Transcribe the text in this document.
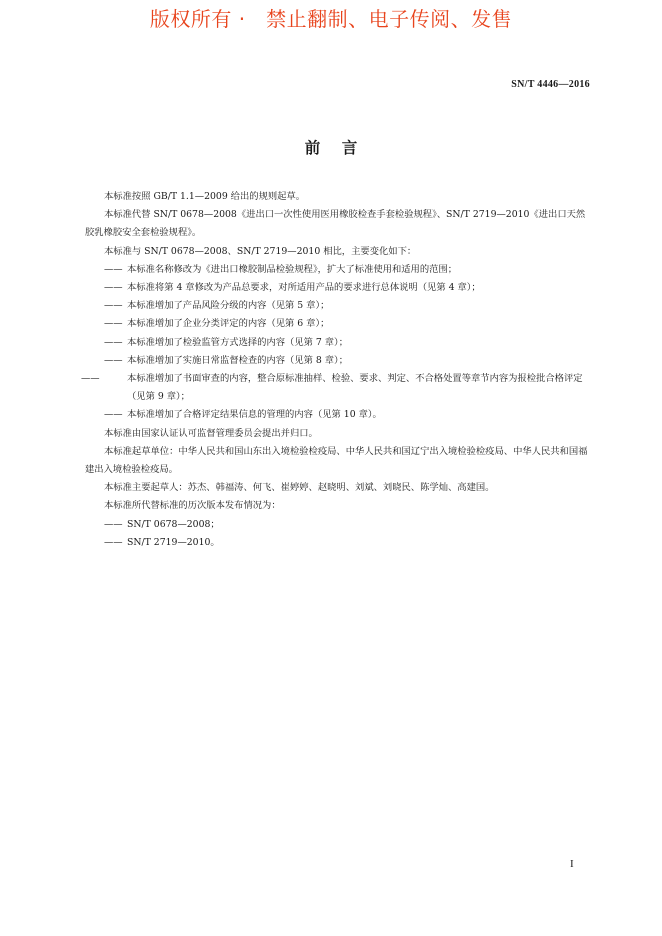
版权所有 ·   禁止翻制、电子传阅、发售
SN/T 4446—2016
前    言

本标准按照 GB/T 1.1—2009 给出的规则起草。

本标准代替 SN/T 0678—2008《进出口一次性使用医用橡胶检查手套检验规程》、SN/T 2719—2010《进出口天然胶乳橡胶安全套检验规程》。

本标准与 SN/T 0678—2008、SN/T 2719—2010 相比，主要变化如下：

—— 本标准名称修改为《进出口橡胶制品检验规程》，扩大了标准使用和适用的范围；
—— 本标准将第 4 章修改为产品总要求，对所适用产品的要求进行总体说明（见第 4 章）；
—— 本标准增加了产品风险分级的内容（见第 5 章）；
—— 本标准增加了企业分类评定的内容（见第 6 章）；
—— 本标准增加了检验监管方式选择的内容（见第 7 章）；
—— 本标准增加了实施日常监督检查的内容（见第 8 章）；
——	本标准增加了书面审查的内容，整合原标准抽样、检验、要求、判定、不合格处置等章节内容为报检批合格评定（见第 9 章）；
—— 本标准增加了合格评定结果信息的管理的内容（见第 10 章）。

本标准由国家认证认可监督管理委员会提出并归口。

本标准起草单位：中华人民共和国山东出入境检验检疫局、中华人民共和国辽宁出入境检验检疫局、中华人民共和国福建出入境检验检疫局。

本标准主要起草人：苏杰、韩福涛、何飞、崔婷婷、赵晓明、刘斌、刘晓民、陈学灿、高建国。

本标准所代替标准的历次版本发布情况为：

—— SN/T 0678—2008；
—— SN/T 2719—2010。
I
